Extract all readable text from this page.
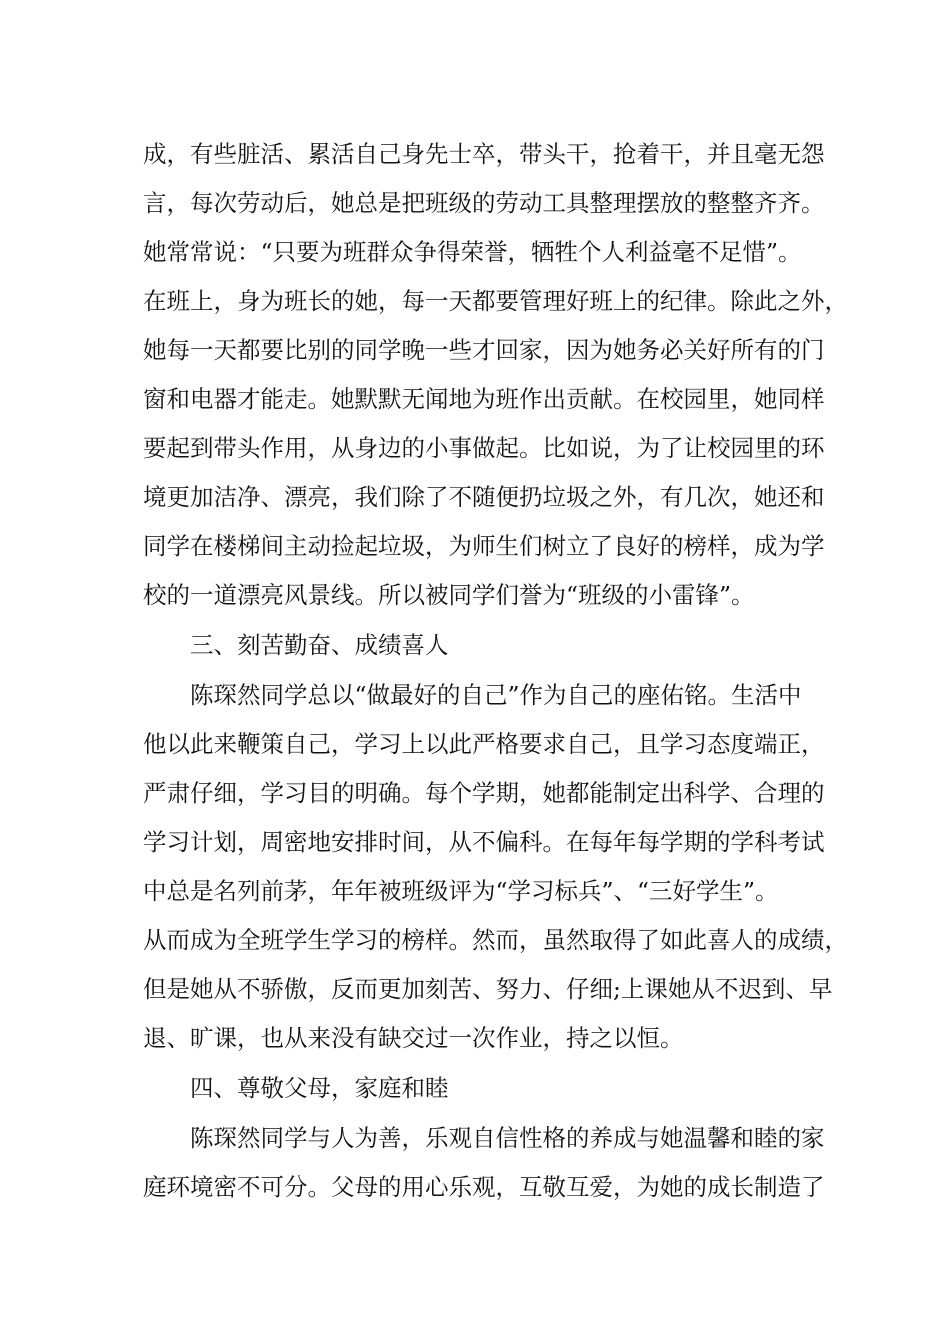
成，有些脏活、累活自己身先士卒，带头干，抢着干，并且毫无怨
言，每次劳动后，她总是把班级的劳动工具整理摆放的整整齐齐。
她常常说：“只要为班群众争得荣誉，牺牲个人利益毫不足惜”。
在班上，身为班长的她，每一天都要管理好班上的纪律。除此之外，
她每一天都要比别的同学晚一些才回家，因为她务必关好所有的门
窗和电器才能走。她默默无闻地为班作出贡献。在校园里，她同样
要起到带头作用，从身边的小事做起。比如说，为了让校园里的环
境更加洁净、漂亮，我们除了不随便扔垃圾之外，有几次，她还和
同学在楼梯间主动捡起垃圾，为师生们树立了良好的榜样，成为学
校的一道漂亮风景线。所以被同学们誉为“班级的小雷锋”。
三、刻苦勤奋、成绩喜人
陈琛然同学总以“做最好的自己”作为自己的座佑铭。生活中
他以此来鞭策自己，学习上以此严格要求自己，且学习态度端正，
严肃仔细，学习目的明确。每个学期，她都能制定出科学、合理的
学习计划，周密地安排时间，从不偏科。在每年每学期的学科考试
中总是名列前茅，年年被班级评为“学习标兵”、“三好学生”。
从而成为全班学生学习的榜样。然而，虽然取得了如此喜人的成绩，
但是她从不骄傲，反而更加刻苦、努力、仔细;上课她从不迟到、早
退、旷课，也从来没有缺交过一次作业，持之以恒。
四、尊敬父母，家庭和睦
陈琛然同学与人为善，乐观自信性格的养成与她温馨和睦的家
庭环境密不可分。父母的用心乐观，互敬互爱，为她的成长制造了
